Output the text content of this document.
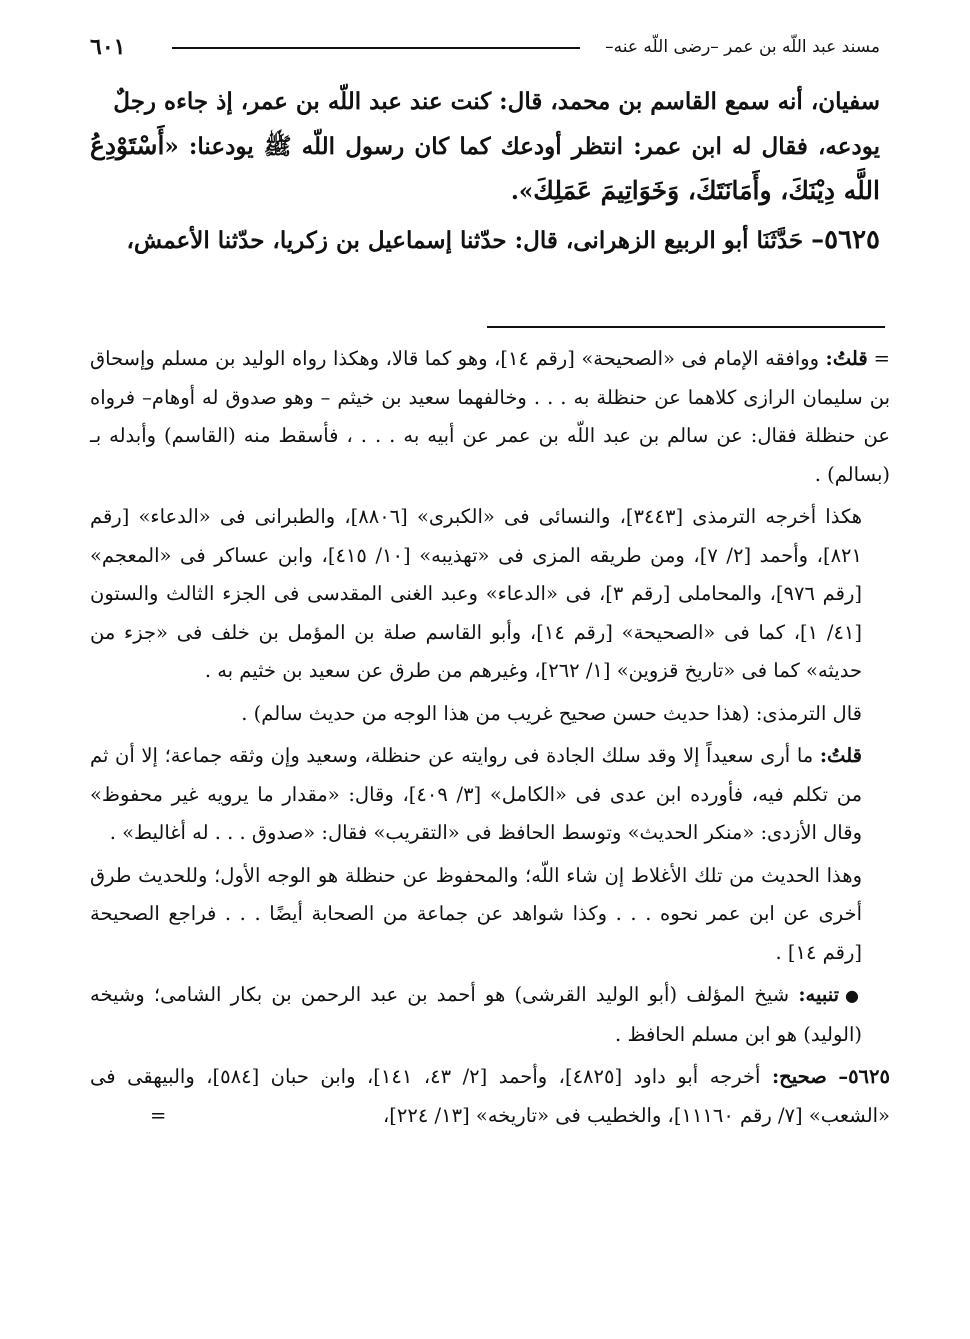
مسند عبد اللّه بن عمر –رضى اللّه عنه–
٦٠١

سفيان، أنه سمع القاسم بن محمد، قال: كنت عند عبد اللّه بن عمر، إذ جاءه رجلٌ

يودعه، فقال له ابن عمر: انتظر أودعك كما كان رسول اللّه ﷺ يودعنا: «أَسْتَوْدِعُ اللَّه دِيْنَكَ، وأَمَانَتَكَ، وَخَوَاتِيمَ عَمَلِكَ».

٥٦٢٥–حَدَّثَنَا أبو الربيع الزهرانى، قال: حدّثنا إسماعيل بن زكريا، حدّثنا الأعمش،

=قلتُ: ووافقه الإمام فى «الصحيحة» [رقم ١٤]، وهو كما قالا، وهكذا رواه الوليد بن مسلم وإسحاق بن سليمان الرازى كلاهما عن حنظلة به . . . وخالفهما سعيد بن خيثم – وهو صدوق له أوهام– فرواه عن حنظلة فقال: عن سالم بن عبد اللّه بن عمر عن أبيه به . . . ، فأسقط منه (القاسم) وأبدله بـ (بسالم) .

هكذا أخرجه الترمذى [٣٤٤٣]، والنسائى فى «الكبرى» [٨٨٠٦]، والطبرانى فى «الدعاء» [رقم ٨٢١]، وأحمد [٢/ ٧]، ومن طريقه المزى فى «تهذيبه» [١٠/ ٤١٥]، وابن عساكر فى «المعجم» [رقم ٩٧٦]، والمحاملى [رقم ٣]، فى «الدعاء» وعبد الغنى المقدسى فى الجزء الثالث والستون [٤١/ ١]، كما فى «الصحيحة» [رقم ١٤]، وأبو القاسم صلة بن المؤمل بن خلف فى «جزء من حديثه» كما فى «تاريخ قزوين» [١/ ٢٦٢]، وغيرهم من طرق عن سعيد بن خثيم به .

قال الترمذى: (هذا حديث حسن صحيح غريب من هذا الوجه من حديث سالم) .

قلتُ: ما أرى سعيداً إلا وقد سلك الجادة فى روايته عن حنظلة، وسعيد وإن وثقه جماعة؛ إلا أن ثم من تكلم فيه، فأورده ابن عدى فى «الكامل» [٣/ ٤٠٩]، وقال: «مقدار ما يرويه غير محفوظ» وقال الأزدى: «منكر الحديث» وتوسط الحافظ فى «التقريب» فقال: «صدوق . . . له أغاليط» .

وهذا الحديث من تلك الأغلاط إن شاء اللّه؛ والمحفوظ عن حنظلة هو الوجه الأول؛ وللحديث طرق أخرى عن ابن عمر نحوه . . . وكذا شواهد عن جماعة من الصحابة أيضًا . . . فراجع الصحيحة [رقم ١٤] .

●تنبيه: شيخ المؤلف (أبو الوليد القرشى) هو أحمد بن عبد الرحمن بن بكار الشامى؛ وشيخه (الوليد) هو ابن مسلم الحافظ .

٥٦٢٥– صحيح: أخرجه أبو داود [٤٨٢٥]، وأحمد [٢/ ٤٣، ١٤١]، وابن حبان [٥٨٤]، والبيهقى فى «الشعب» [٧/ رقم ١١١٦٠]، والخطيب فى «تاريخه» [١٣/ ٢٢٤]،
=
